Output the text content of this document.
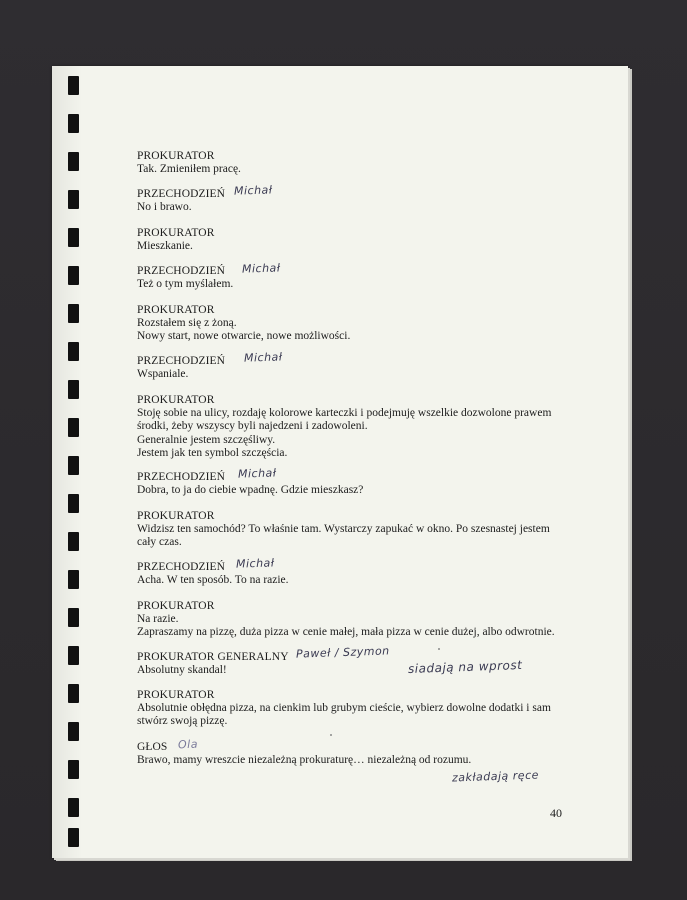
PROKURATOR
Tak. Zmieniłem pracę.
PRZECHODZIEŃ
No i brawo.
Michał
PROKURATOR
Mieszkanie.
PRZECHODZIEŃ
Też o tym myślałem.
Michał
PROKURATOR
Rozstałem się z żoną.
Nowy start, nowe otwarcie, nowe możliwości.
PRZECHODZIEŃ
Wspaniale.
Michał
PROKURATOR
Stoję sobie na ulicy, rozdaję kolorowe karteczki i podejmuję wszelkie dozwolone prawem
środki, żeby wszyscy byli najedzeni i zadowoleni.
Generalnie jestem szczęśliwy.
Jestem jak ten symbol szczęścia.
PRZECHODZIEŃ
Dobra, to ja do ciebie wpadnę. Gdzie mieszkasz?
Michał
PROKURATOR
Widzisz ten samochód? To właśnie tam. Wystarczy zapukać w okno. Po szesnastej jestem
cały czas.
PRZECHODZIEŃ
Acha. W ten sposób. To na razie.
Michał
PROKURATOR
Na razie.
Zapraszamy na pizzę, duża pizza w cenie małej, mała pizza w cenie dużej, albo odwrotnie.
PROKURATOR GENERALNY
Absolutny skandal!
Paweł / Szymon
siadają na wprost
PROKURATOR
Absolutnie obłędna pizza, na cienkim lub grubym cieście, wybierz dowolne dodatki i sam
stwórz swoją pizzę.
GŁOS
Brawo, mamy wreszcie niezależną prokuraturę… niezależną od rozumu.
Ola
zakładają ręce
40
